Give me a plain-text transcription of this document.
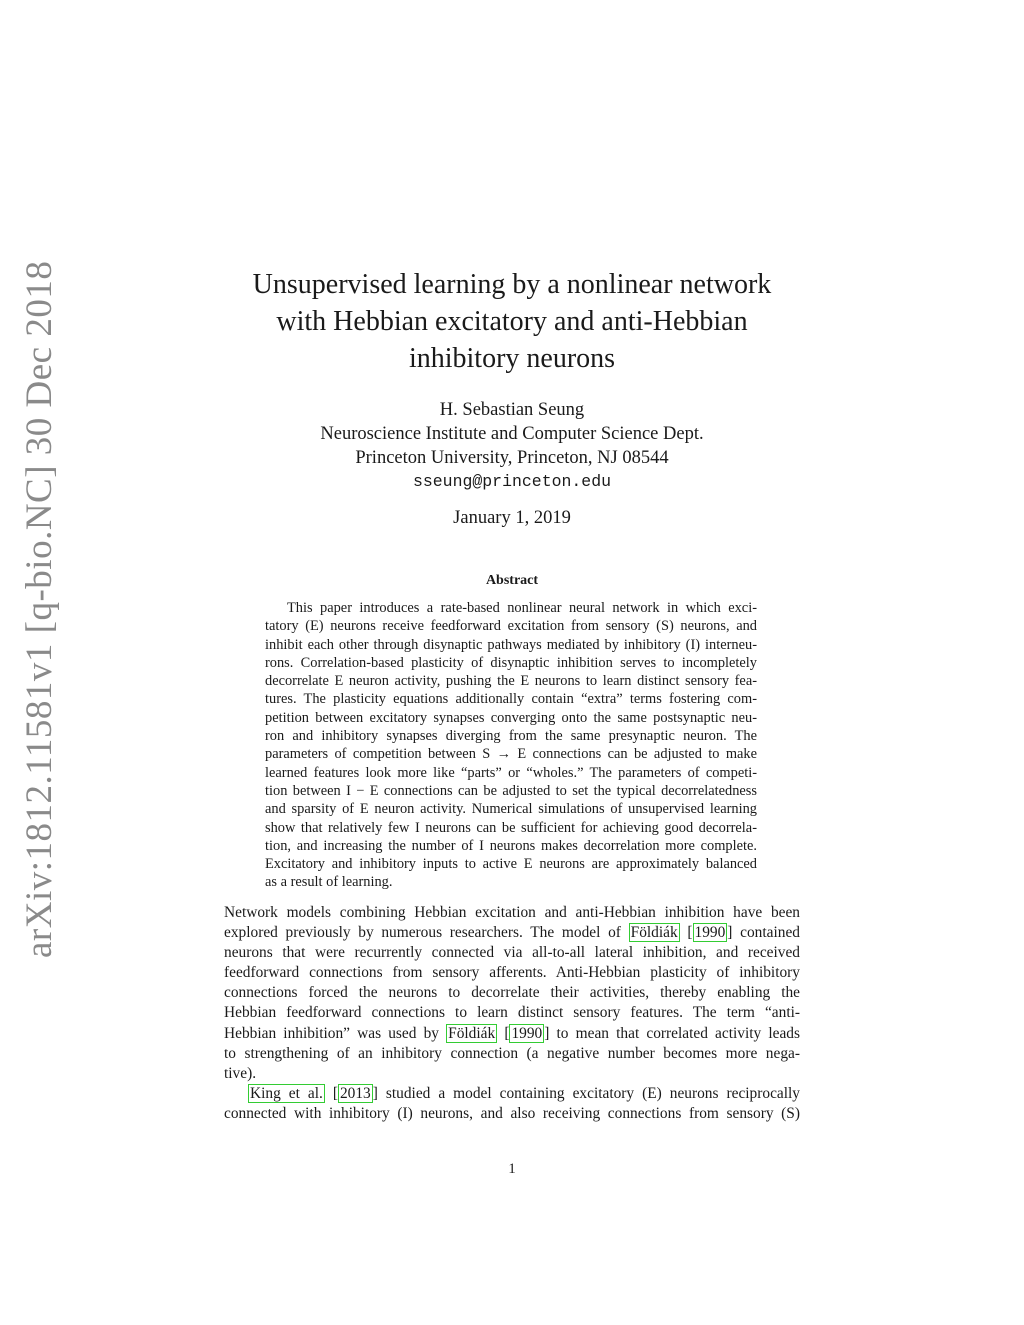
arXiv:1812.11581v1 [q-bio.NC] 30 Dec 2018	Unsupervised learning by a nonlinear network
with Hebbian excitatory and anti-Hebbian
inhibitory neurons
H. Sebastian Seung
Neuroscience Institute and Computer Science Dept.
Princeton University, Princeton, NJ 08544
sseung@princeton.edu
January 1, 2019
Abstract
This paper introduces a rate-based nonlinear neural network in which exci-
tatory (E) neurons receive feedforward excitation from sensory (S) neurons, and
inhibit each other through disynaptic pathways mediated by inhibitory (I) interneu-
rons. Correlation-based plasticity of disynaptic inhibition serves to incompletely
decorrelate E neuron activity, pushing the E neurons to learn distinct sensory fea-
tures. The plasticity equations additionally contain “extra” terms fostering com-
petition between excitatory synapses converging onto the same postsynaptic neu-
ron and inhibitory synapses diverging from the same presynaptic neuron. The
parameters of competition between S → E connections can be adjusted to make
learned features look more like “parts” or “wholes.” The parameters of competi-
tion between I − E connections can be adjusted to set the typical decorrelatedness
and sparsity of E neuron activity. Numerical simulations of unsupervised learning
show that relatively few I neurons can be sufficient for achieving good decorrela-
tion, and increasing the number of I neurons makes decorrelation more complete.
Excitatory and inhibitory inputs to active E neurons are approximately balanced
as a result of learning.
Network models combining Hebbian excitation and anti-Hebbian inhibition have been
explored previously by numerous researchers. The model of Földiák [ 1990 ] contained
neurons that were recurrently connected via all-to-all lateral inhibition, and received
feedforward connections from sensory afferents. Anti-Hebbian plasticity of inhibitory
connections forced the neurons to decorrelate their activities, thereby enabling the
Hebbian feedforward connections to learn distinct sensory features. The term “anti-
Hebbian inhibition” was used by Földiák [ 1990 ] to mean that correlated activity leads
to strengthening of an inhibitory connection (a negative number becomes more nega-
tive).
King et al. [ 2013 ] studied a model containing excitatory (E) neurons reciprocally
connected with inhibitory (I) neurons, and also receiving connections from sensory (S)
1
